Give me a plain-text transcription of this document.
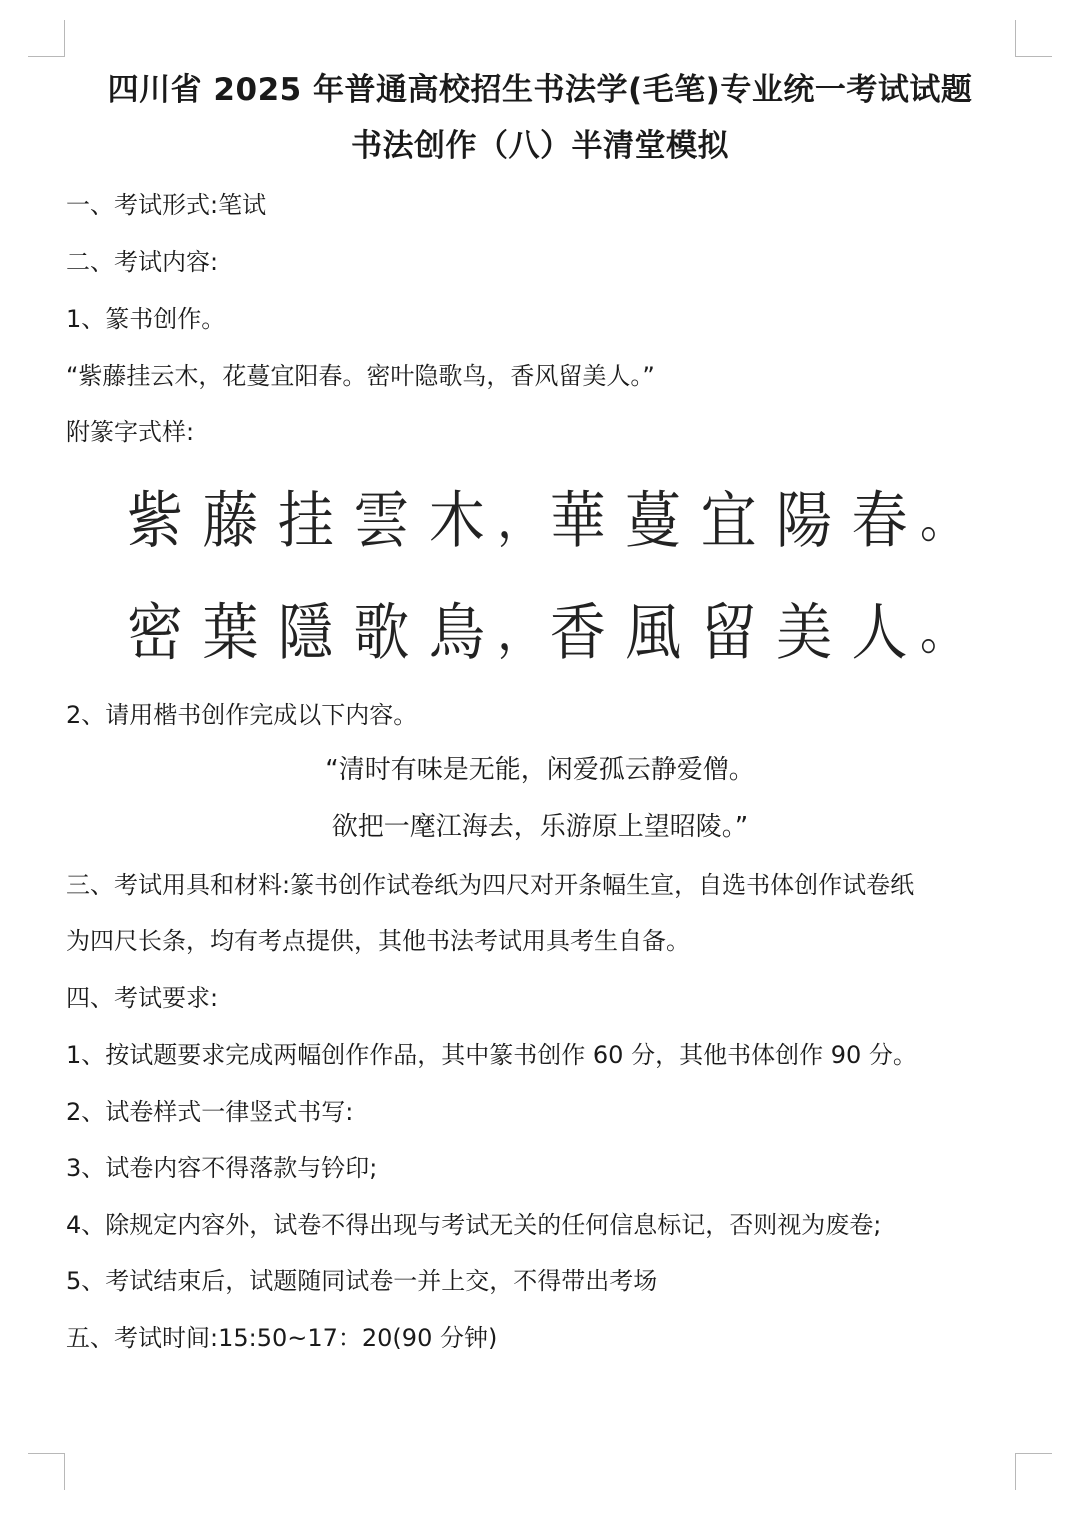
四川省 2025 年普通高校招生书法学(毛笔)专业统一考试试题
书法创作（八）半清堂模拟
一、考试形式:笔试
二、考试内容:
1、篆书创作。
“紫藤挂云木，花蔓宜阳春。密叶隐歌鸟，香风留美人。”
附篆字式样:
紫 藤 挂 雲 木 ， 華 蔓 宜 陽 春 。
密 葉 隱 歌 鳥 ， 香 風 留 美 人 。
2、请用楷书创作完成以下内容。
“清时有味是无能，闲爱孤云静爱僧。
欲把一麾江海去，乐游原上望昭陵。”
三、考试用具和材料:篆书创作试卷纸为四尺对开条幅生宣，自选书体创作试卷纸
为四尺长条，均有考点提供，其他书法考试用具考生自备。
四、考试要求:
1、按试题要求完成两幅创作作品，其中篆书创作 60 分，其他书体创作 90 分。
2、试卷样式一律竖式书写:
3、试卷内容不得落款与钤印;
4、除规定内容外，试卷不得出现与考试无关的任何信息标记，否则视为废卷;
5、考试结束后，试题随同试卷一并上交，不得带出考场
五、考试时间:15:50~17：20(90 分钟)
